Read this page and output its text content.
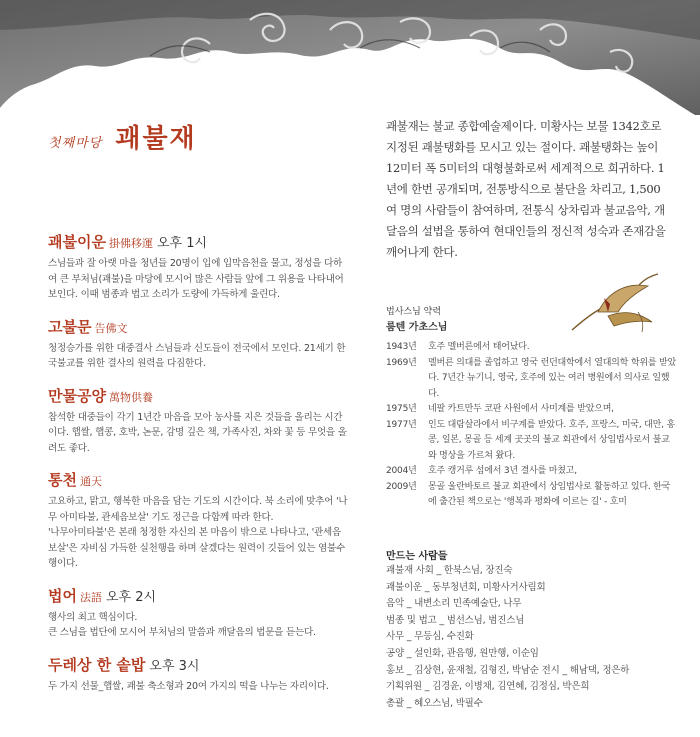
첫째마당 괘불재
괘불이운 掛佛移運 오후 1시

스님들과 잘 아랫 마을 청년들 20명이 입에 입막음천을 물고, 정성을 다하여 큰 부처님(괘불)을 마당에 모시어 많은 사람들 앞에 그 위용을 나타내어 보인다. 이때 범종과 법고 소리가 도량에 가득하게 울린다.

고불문 告佛文

청정승가를 위한 대중결사 스님들과 신도들이 전국에서 모인다. 21세기 한국불교를 위한 결사의 원력을 다짐한다.

만물공양 萬物供養

참석한 대중들이 각기 1년간 마음을 모아 농사를 지은 것들을 올리는 시간이다. 햅쌀, 햅콩, 호박, 논문, 감명 깊은 책, 가족사진, 차와 꽃 등 무엇을 올려도 좋다.

통천 通天

고요하고, 맑고, 행복한 마음을 담는 기도의 시간이다. 북 소리에 맞추어 '나무 아미타불, 관세음보살' 기도 정근을 다함께 따라 한다.

'나무아미타불'은 본래 청정한 자신의 본 마음이 밖으로 나타나고, '관세음보살'은 자비심 가득한 실천행을 하며 살겠다는 원력이 깃들어 있는 염불수행이다.

법어 法語 오후 2시

행사의 최고 핵심이다.

큰 스님을 법단에 모시어 부처님의 말씀과 깨달음의 법문을 듣는다.

두레상 한 솥밥 오후 3시

두 가지 선물_햅쌀, 괘불 축소형과 20여 가지의 떡을 나누는 자리이다.

괘불재는 불교 종합예술제이다. 미황사는 보물 1342호로 지정된 괘불탱화를 모시고 있는 절이다. 괘불탱화는 높이 12미터 폭 5미터의 대형불화로써 세계적으로 희귀하다. 1년에 한번 공개되며, 전통방식으로 불단을 차리고, 1,500여 명의 사람들이 참여하며, 전통식 상차림과 불교음악, 개달음의 설법을 통하여 현대인들의 정신적 성숙과 존재감을 깨어나게 한다.
법사스님 약력
룸텐 가초스님
1943년	호주 멜버른에서 태어났다.
1969년	멜버른 의대를 졸업하고 영국 런던대학에서 열대의학 학위를 받았다. 7년간 뉴기니, 영국, 호주에 있는 여러 병원에서 의사로 일했다.
1975년	네팔 카트만두 코판 사원에서 사미계를 받았으며,
1977년	인도 대람살라에서 비구계를 받았다. 호주, 프랑스, 미국, 대만, 홍콩, 일본, 몽골 등 세계 곳곳의 불교 회관에서 상임법사로서 불교와 명상을 가르쳐 왔다.
2004년	호주 캥거루 섬에서 3년 결사를 마쳤고,
2009년	몽골 울란바토르 불교 회관에서 상임법사로 활동하고 있다. 한국에 출간된 책으로는 '행복과 평화에 이르는 길' - 호미
만드는 사람들
괘불재 사회 _ 한북스님, 장진숙
괘불이운 _ 동부청년회, 미황사거사림회
음악 _ 내변소리 민족예술단, 나무
범종 및 법고 _ 범선스님, 범진스님
사무 _ 무등심, 수진화
공양 _ 설인화, 관음행, 원만행, 이순임
홍보 _ 김상현, 윤재철, 김형진, 박남순 전시 _ 해남댁, 정은하
기획위원 _ 김경윤, 이병채, 김연혜, 김정심, 박은희
총괄 _ 혜오스님, 박필수
